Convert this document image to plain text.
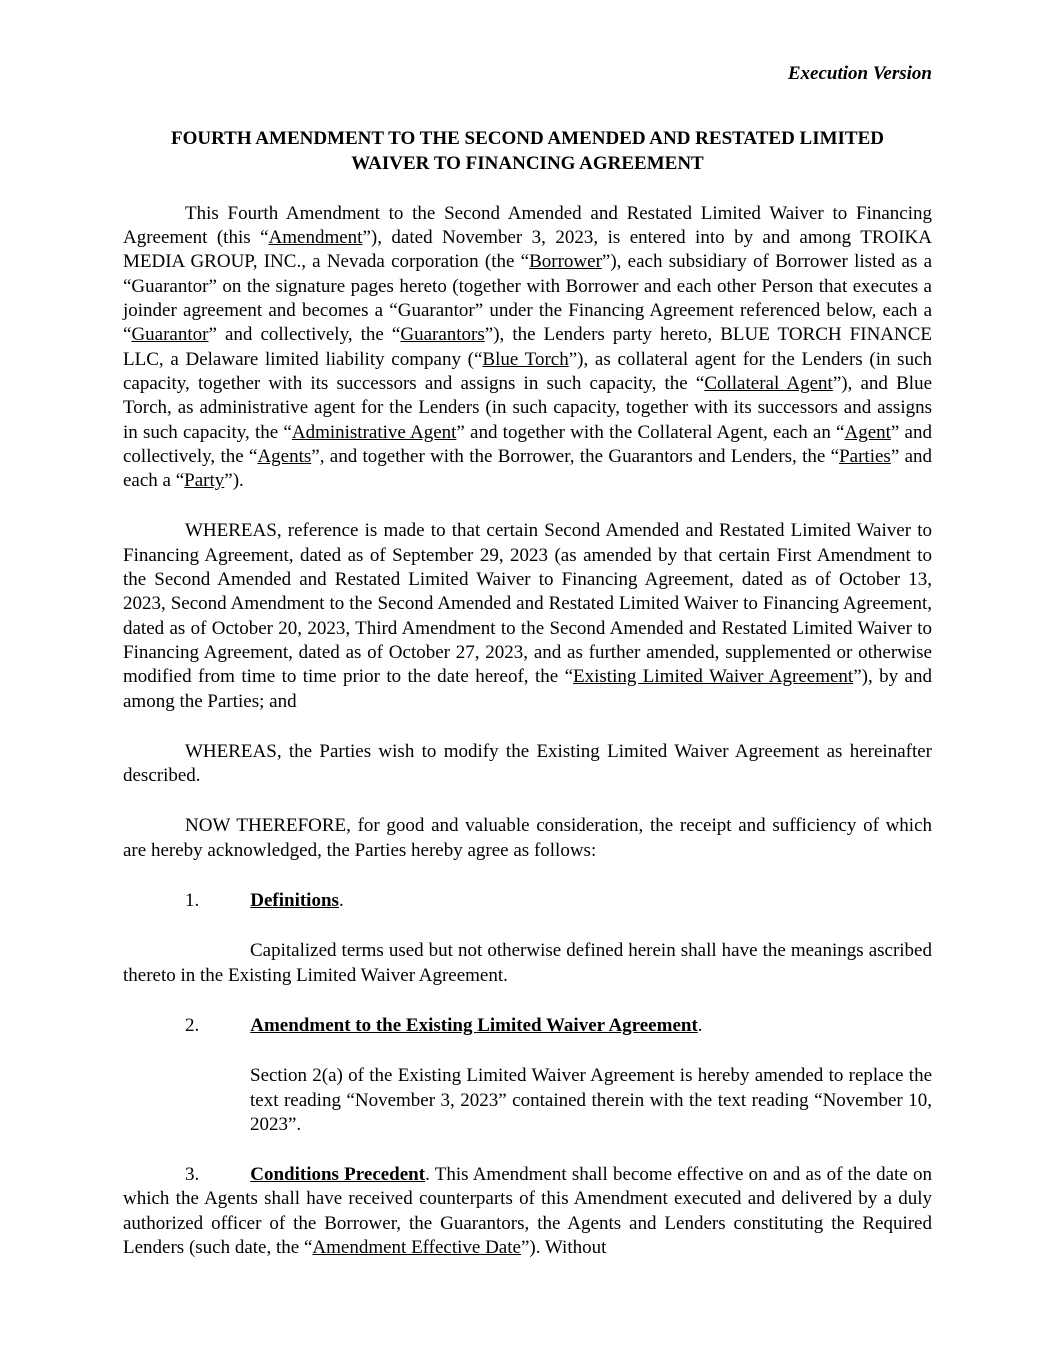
Execution Version
FOURTH AMENDMENT TO THE SECOND AMENDED AND RESTATED LIMITED
WAIVER TO FINANCING AGREEMENT

This Fourth Amendment to the Second Amended and Restated Limited Waiver to Financing Agreement (this “Amendment”), dated November 3, 2023, is entered into by and among TROIKA MEDIA GROUP, INC., a Nevada corporation (the “Borrower”), each subsidiary of Borrower listed as a “Guarantor” on the signature pages hereto (together with Borrower and each other Person that executes a joinder agreement and becomes a “Guarantor” under the Financing Agreement referenced below, each a “Guarantor” and collectively, the “Guarantors”), the Lenders party hereto, BLUE TORCH FINANCE LLC, a Delaware limited liability company (“Blue Torch”), as collateral agent for the Lenders (in such capacity, together with its successors and assigns in such capacity, the “Collateral Agent”), and Blue Torch, as administrative agent for the Lenders (in such capacity, together with its successors and assigns in such capacity, the “Administrative Agent” and together with the Collateral Agent, each an “Agent” and collectively, the “Agents”, and together with the Borrower, the Guarantors and Lenders, the “Parties” and each a “Party”).

WHEREAS, reference is made to that certain Second Amended and Restated Limited Waiver to Financing Agreement, dated as of September 29, 2023 (as amended by that certain First Amendment to the Second Amended and Restated Limited Waiver to Financing Agreement, dated as of October 13, 2023, Second Amendment to the Second Amended and Restated Limited Waiver to Financing Agreement, dated as of October 20, 2023, Third Amendment to the Second Amended and Restated Limited Waiver to Financing Agreement, dated as of October 27, 2023, and as further amended, supplemented or otherwise modified from time to time prior to the date hereof, the “Existing Limited Waiver Agreement”), by and among the Parties; and

WHEREAS, the Parties wish to modify the Existing Limited Waiver Agreement as hereinafter described.

NOW THEREFORE, for good and valuable consideration, the receipt and sufficiency of which are hereby acknowledged, the Parties hereby agree as follows:

1.	Definitions.

Capitalized terms used but not otherwise defined herein shall have the meanings ascribed thereto in the Existing Limited Waiver Agreement.

2.	Amendment to the Existing Limited Waiver Agreement.

Section 2(a) of the Existing Limited Waiver Agreement is hereby amended to replace the text reading “November 3, 2023” contained therein with the text reading “November 10, 2023”.

3.	Conditions Precedent. This Amendment shall become effective on and as of the date on which the Agents shall have received counterparts of this Amendment executed and delivered by a duly authorized officer of the Borrower, the Guarantors, the Agents and Lenders constituting the Required Lenders (such date, the “Amendment Effective Date”). Without
